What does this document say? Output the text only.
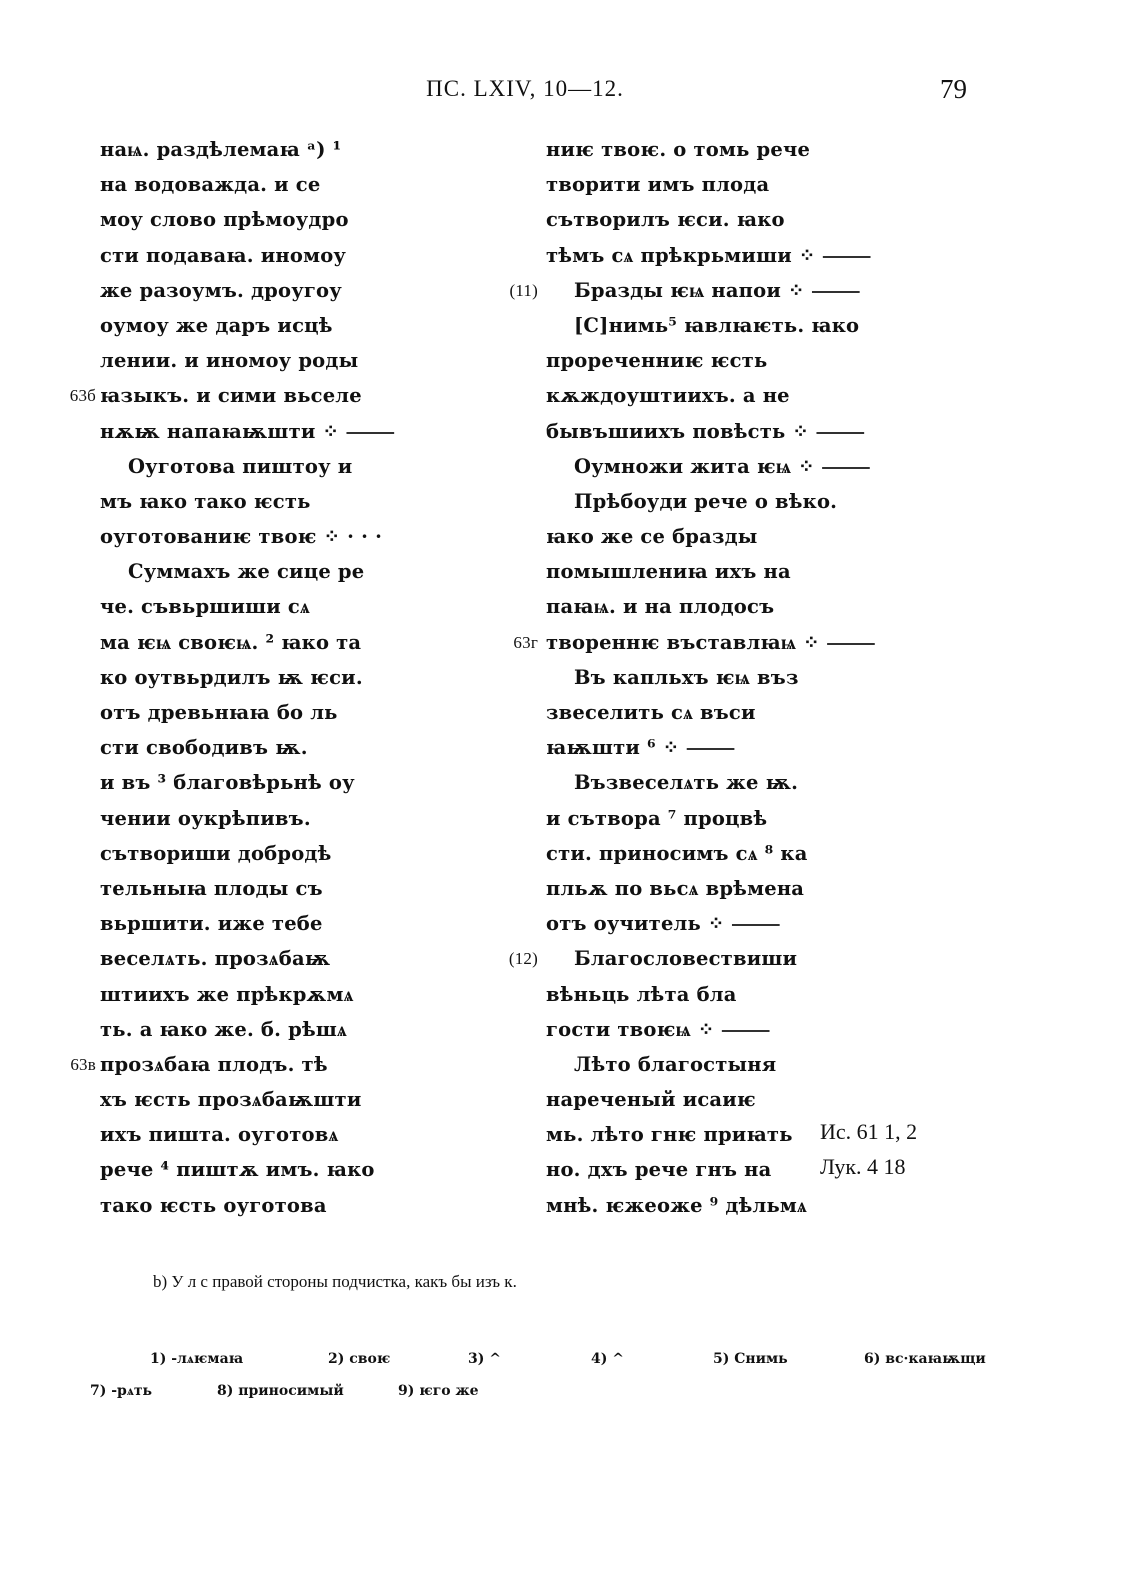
ПС. LXIV, 10—12.	79
наѩ. раздѣлемаꙗ ᵃ) ¹
на водоважда. и се
моу слово прѣмоудро
сти подаваꙗ. иномоу
же разоумъ. дроугоу
оумоу же даръ исцѣ
лении. и иномоу роды
63б ꙗзыкъ. и сими вьселе
нѫѭ напаꙗѭшти ⁘ ⸻
Оуготова пиштоу и
мъ ꙗко тако ѥсть
оуготованиѥ твоѥ ⁘ · · ·
Суммахъ же сице ре
че. съвьршиши сѧ
ма ѥѩ своѥѩ. ² ꙗко та
ко оутвьрдилъ ѭ ѥси.
отъ древьнꙗꙗ бо ль
сти свободивъ ѭ.
и въ ³ благовѣрьнѣ оу
чении оукрѣпивъ.
сътвориши добродѣ
тельныꙗ плоды съ
вьршити. иже тебе
веселѧть. прозѧбаѭ
штиихъ же прѣкрѫмѧ
ть. а ꙗко же. б. рѣшѧ
63в прозѧбаꙗ плодъ. тѣ
хъ ѥсть прозѧбаѭшти
ихъ пишта. оуготовѧ
рече ⁴ пиштѫ имъ. ꙗко
тако ѥсть оуготова
ниѥ твоѥ. о томь рече
творити имъ плода
сътворилъ ѥси. ꙗко
тѣмъ сѧ прѣкрьмиши ⁘ ⸻
(11) Бразды ѥѩ напои ⁘ ⸻
[С]нимь⁵ ꙗвлꙗѥть. ꙗко
прореченниѥ ѥсть
кѫждоуштиихъ. а не
бывъшиихъ повѣсть ⁘ ⸻
Оумножи жита ѥѩ ⁘ ⸻
Прѣбоуди рече о вѣко.
ꙗко же се бразды
помышлениꙗ ихъ на
паꙗѩ. и на плодосъ
63г твореннѥ въставлꙗѩ ⁘ ⸻
Въ капльхъ ѥѩ въз
звеселить сѧ въси
ꙗѭшти ⁶ ⁘ ⸻
Възвеселѧть же ѭ.
и сътвора ⁷ процвѣ
сти. приносимъ сѧ ⁸ ка
пльѫ по вьсѧ врѣмена
отъ оучитель ⁘ ⸻
(12) Благословествиши
вѣньць лѣта бла
гости твоѥѩ ⁘ ⸻
Лѣто благостыня
нареченый исаиѥ
мь. лѣто гнѥ приꙗть
но. дхъ рече гнъ на
мнѣ. ѥжеоже ⁹ дѣльмѧ
Ис. 61 1, 2
Лук. 4 18
b) У л с правой стороны подчистка, какъ бы изъ к.
1) -лѧѥмаꙗ	2) своѥ	3) ^	4) ^	5) Снимь	6) вс·каꙗѭщи
7) -рѧть	8) приносимый	9) ѥго же
